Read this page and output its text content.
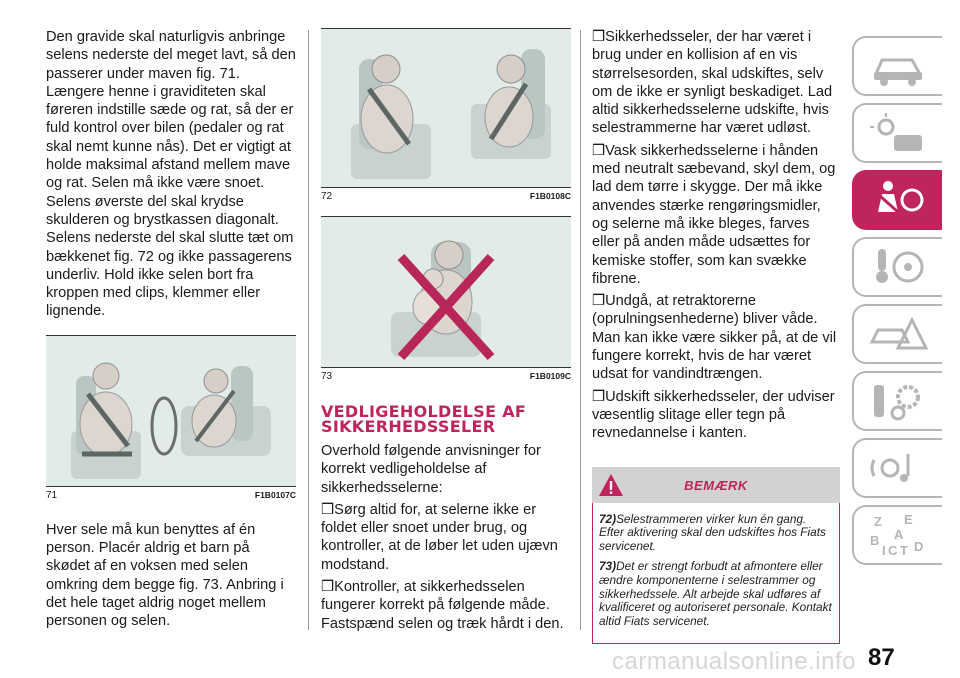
Den gravide skal naturligvis anbringe selens nederste del meget lavt, så den passerer under maven fig. 71. Længere henne i graviditeten skal føreren indstille sæde og rat, så der er fuld kontrol over bilen (pedaler og rat skal nemt kunne nås). Det er vigtigt at holde maksimal afstand mellem mave og rat. Selen må ikke være snoet. Selens øverste del skal krydse skulderen og brystkassen diagonalt. Selens nederste del skal slutte tæt om bækkenet fig. 72 og ikke passagerens underliv. Hold ikke selen bort fra kroppen med clips, klemmer eller lignende.

71	F1B0107C

Hver sele må kun benyttes af én person. Placér aldrig et barn på skødet af en voksen med selen omkring dem begge fig. 73. Anbring i det hele taget aldrig noget mellem personen og selen.

72	F1B0108C
73	F1B0109C
VEDLIGEHOLDELSE AF SIKKERHEDSSELER

Overhold følgende anvisninger for korrekt vedligeholdelse af sikkerhedsselerne:

❒Sørg altid for, at selerne ikke er foldet eller snoet under brug, og kontroller, at de løber let uden ujævn modstand.

❒Kontroller, at sikkerhedsselen fungerer korrekt på følgende måde. Fastspænd selen og træk hårdt i den.

❒Sikkerhedsseler, der har været i brug under en kollision af en vis størrelsesorden, skal udskiftes, selv om de ikke er synligt beskadiget. Lad altid sikkerhedsselerne udskifte, hvis selestrammerne har været udløst.

❒Vask sikkerhedsselerne i hånden med neutralt sæbevand, skyl dem, og lad dem tørre i skygge. Der må ikke anvendes stærke rengøringsmidler, og selerne må ikke bleges, farves eller på anden måde udsættes for kemiske stoffer, som kan svække fibrene.

❒Undgå, at retraktorerne (oprulningsenhederne) bliver våde. Man kan ikke være sikker på, at de vil fungere korrekt, hvis de har været udsat for vandindtrængen.

❒Udskift sikkerhedsseler, der udviser væsentlig slitage eller tegn på revnedannelse i kanten.

BEMÆRK

72)Selestrammeren virker kun én gang. Efter aktivering skal den udskiftes hos Fiats servicenet.

73)Det er strengt forbudt at afmontere eller ændre komponenterne i selestrammer og sikkerhedssele. Alt arbejde skal udføres af kvalificeret og autoriseret personale. Kontakt altid Fiats servicenet.

Z E
A
B
I C T D
carmanualsonline.info 87
